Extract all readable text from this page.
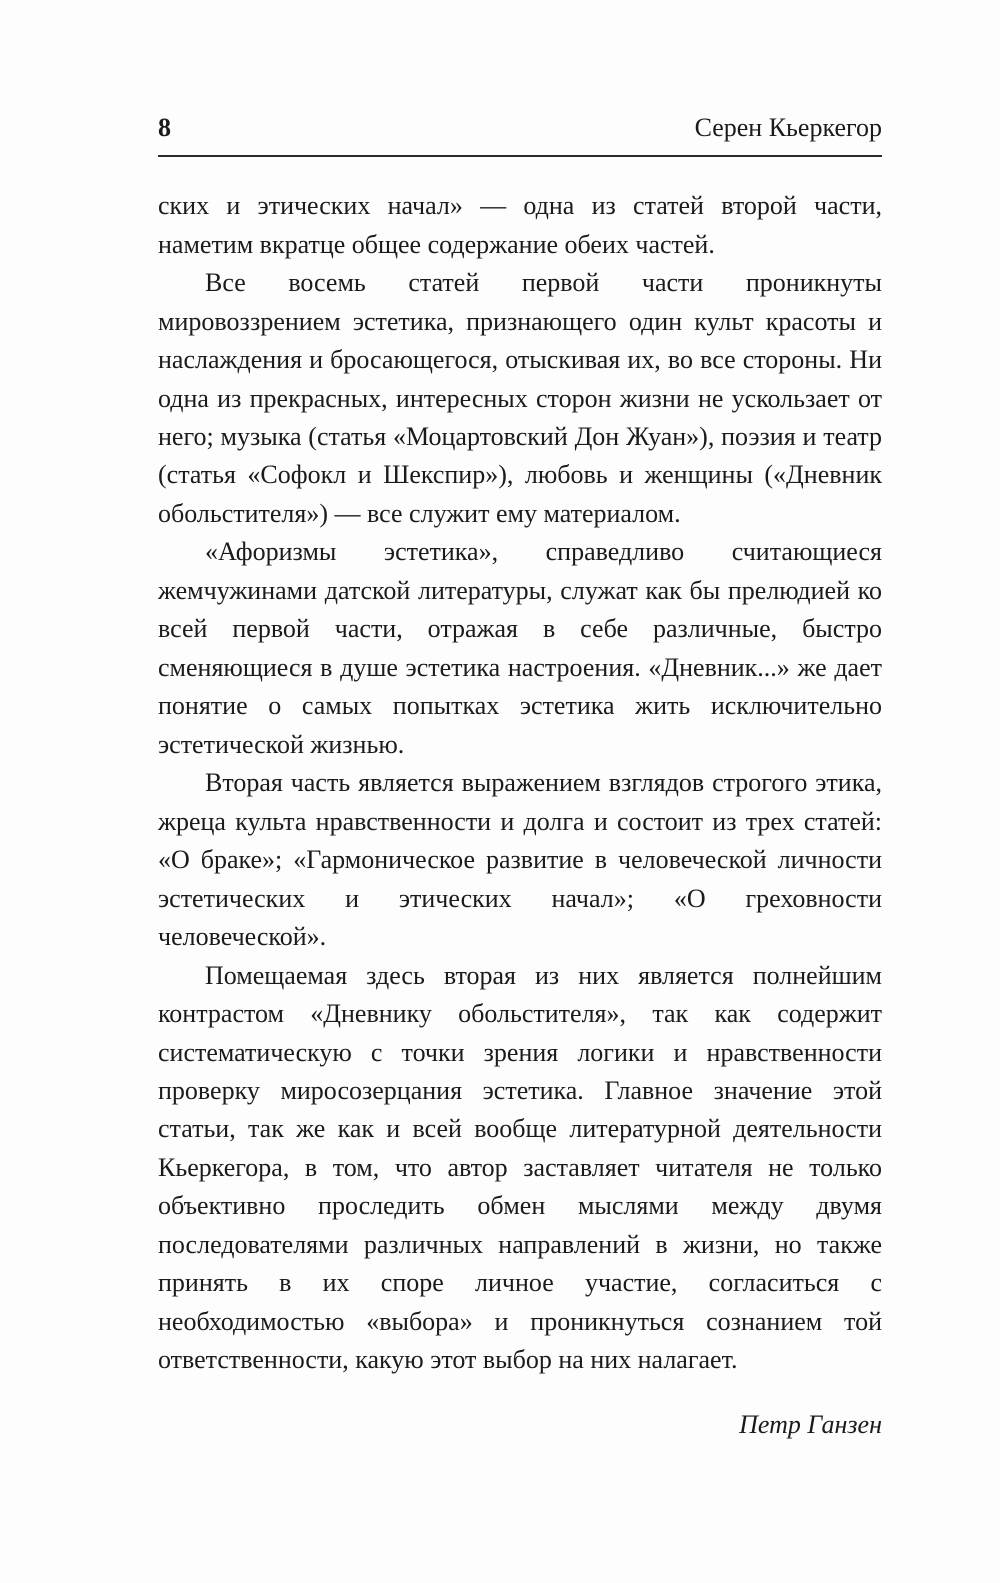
8	Серен Кьеркегор

ских и этических начал» — одна из статей второй части, наметим вкратце общее содержание обеих частей.

Все восемь статей первой части проникнуты мировоззрением эстетика, признающего один культ красоты и наслаждения и бросающегося, отыскивая их, во все стороны. Ни одна из прекрасных, интересных сторон жизни не ускользает от него; музыка (статья «Моцартовский Дон Жуан»), поэзия и театр (статья «Софокл и Шекспир»), любовь и женщины («Дневник обольстителя») — все служит ему материалом.

«Афоризмы эстетика», справедливо считающиеся жемчужинами датской литературы, служат как бы прелюдией ко всей первой части, отражая в себе различные, быстро сменяющиеся в душе эстетика настроения. «Дневник...» же дает понятие о самых попытках эстетика жить исключительно эстетической жизнью.

Вторая часть является выражением взглядов строгого этика, жреца культа нравственности и долга и состоит из трех статей: «О браке»; «Гармоническое развитие в человеческой личности эстетических и этических начал»; «О греховности человеческой».

Помещаемая здесь вторая из них является полнейшим контрастом «Дневнику обольстителя», так как содержит систематическую с точки зрения логики и нравственности проверку миросозерцания эстетика. Главное значение этой статьи, так же как и всей вообще литературной деятельности Кьеркегора, в том, что автор заставляет читателя не только объективно проследить обмен мыслями между двумя последователями различных направлений в жизни, но также принять в их споре личное участие, согласиться с необходимостью «выбора» и проникнуться сознанием той ответственности, какую этот выбор на них налагает.

Петр Ганзен
